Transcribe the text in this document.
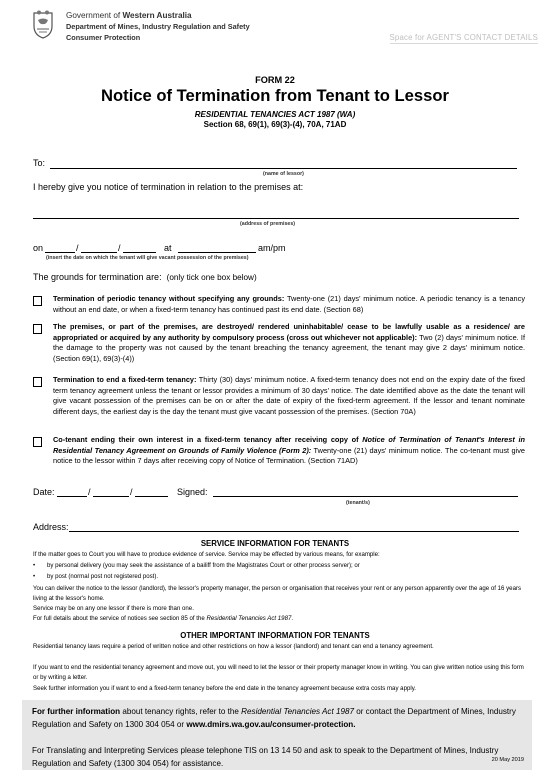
Government of Western Australia
Department of Mines, Industry Regulation and Safety
Consumer Protection	Space for AGENT'S CONTACT DETAILS
FORM 22
Notice of Termination from Tenant to Lessor
RESIDENTIAL TENANCIES ACT 1987 (WA)
Section 68, 69(1), 69(3)-(4), 70A, 71AD
To:
(name of lessor)
I hereby give you notice of termination in relation to the premises at:
(address of premises)
on	/	/	at	am/pm
(insert the date on which the tenant will give vacant possession of the premises)
The grounds for termination are: (only tick one box below)
Termination of periodic tenancy without specifying any grounds: Twenty-one (21) days' minimum notice. A periodic tenancy is a tenancy without an end date, or when a fixed-term tenancy has continued past its end date. (Section 68)
The premises, or part of the premises, are destroyed/ rendered uninhabitable/ cease to be lawfully usable as a residence/ are appropriated or acquired by any authority by compulsory process (cross out whichever not applicable): Two (2) days' minimum notice. If the damage to the property was not caused by the tenant breaching the tenancy agreement, the tenant may give 2 days' minimum notice. (Section 69(1), 69(3)-(4))
Termination to end a fixed-term tenancy: Thirty (30) days' minimum notice. A fixed-term tenancy does not end on the expiry date of the fixed term tenancy agreement unless the tenant or lessor provides a minimum of 30 days' notice. The date identified above as the date the tenant will give vacant possession of the premises can be on or after the date of expiry of the fixed-term agreement. If the lessor and tenant nominate different days, the earliest day is the day the tenant must give vacant possession of the premises. (Section 70A)
Co-tenant ending their own interest in a fixed-term tenancy after receiving copy of Notice of Termination of Tenant's Interest in Residential Tenancy Agreement on Grounds of Family Violence (Form 2): Twenty-one (21) days' minimum notice. The co-tenant must give notice to the lessor within 7 days after receiving copy of Notice of Termination. (Section 71AD)
Date:	/	/	Signed:
(tenant/s)
Address:
SERVICE INFORMATION FOR TENANTS
If the matter goes to Court you will have to produce evidence of service. Service may be effected by various means, for example:
• by personal delivery (you may seek the assistance of a bailiff from the Magistrates Court or other process server); or
• by post (normal post not registered post).
You can deliver the notice to the lessor (landlord), the lessor's property manager, the person or organisation that receives your rent or any person apparently over the age of 16 years living at the lessor's home.
Service may be on any one lessor if there is more than one.
For full details about the service of notices see section 85 of the Residential Tenancies Act 1987.
OTHER IMPORTANT INFORMATION FOR TENANTS
Residential tenancy laws require a period of written notice and other restrictions on how a lessor (landlord) and tenant can end a tenancy agreement.
If you want to end the residential tenancy agreement and move out, you will need to let the lessor or their property manager know in writing. You can give written notice using this form or by writing a letter.
Seek further information you if want to end a fixed-term tenancy before the end date in the tenancy agreement because extra costs may apply.
For further information about tenancy rights, refer to the Residential Tenancies Act 1987 or contact the Department of Mines, Industry Regulation and Safety on 1300 304 054 or www.dmirs.wa.gov.au/consumer-protection.
For Translating and Interpreting Services please telephone TIS on 13 14 50 and ask to speak to the Department of Mines, Industry Regulation and Safety (1300 304 054) for assistance.	20 May 2019
